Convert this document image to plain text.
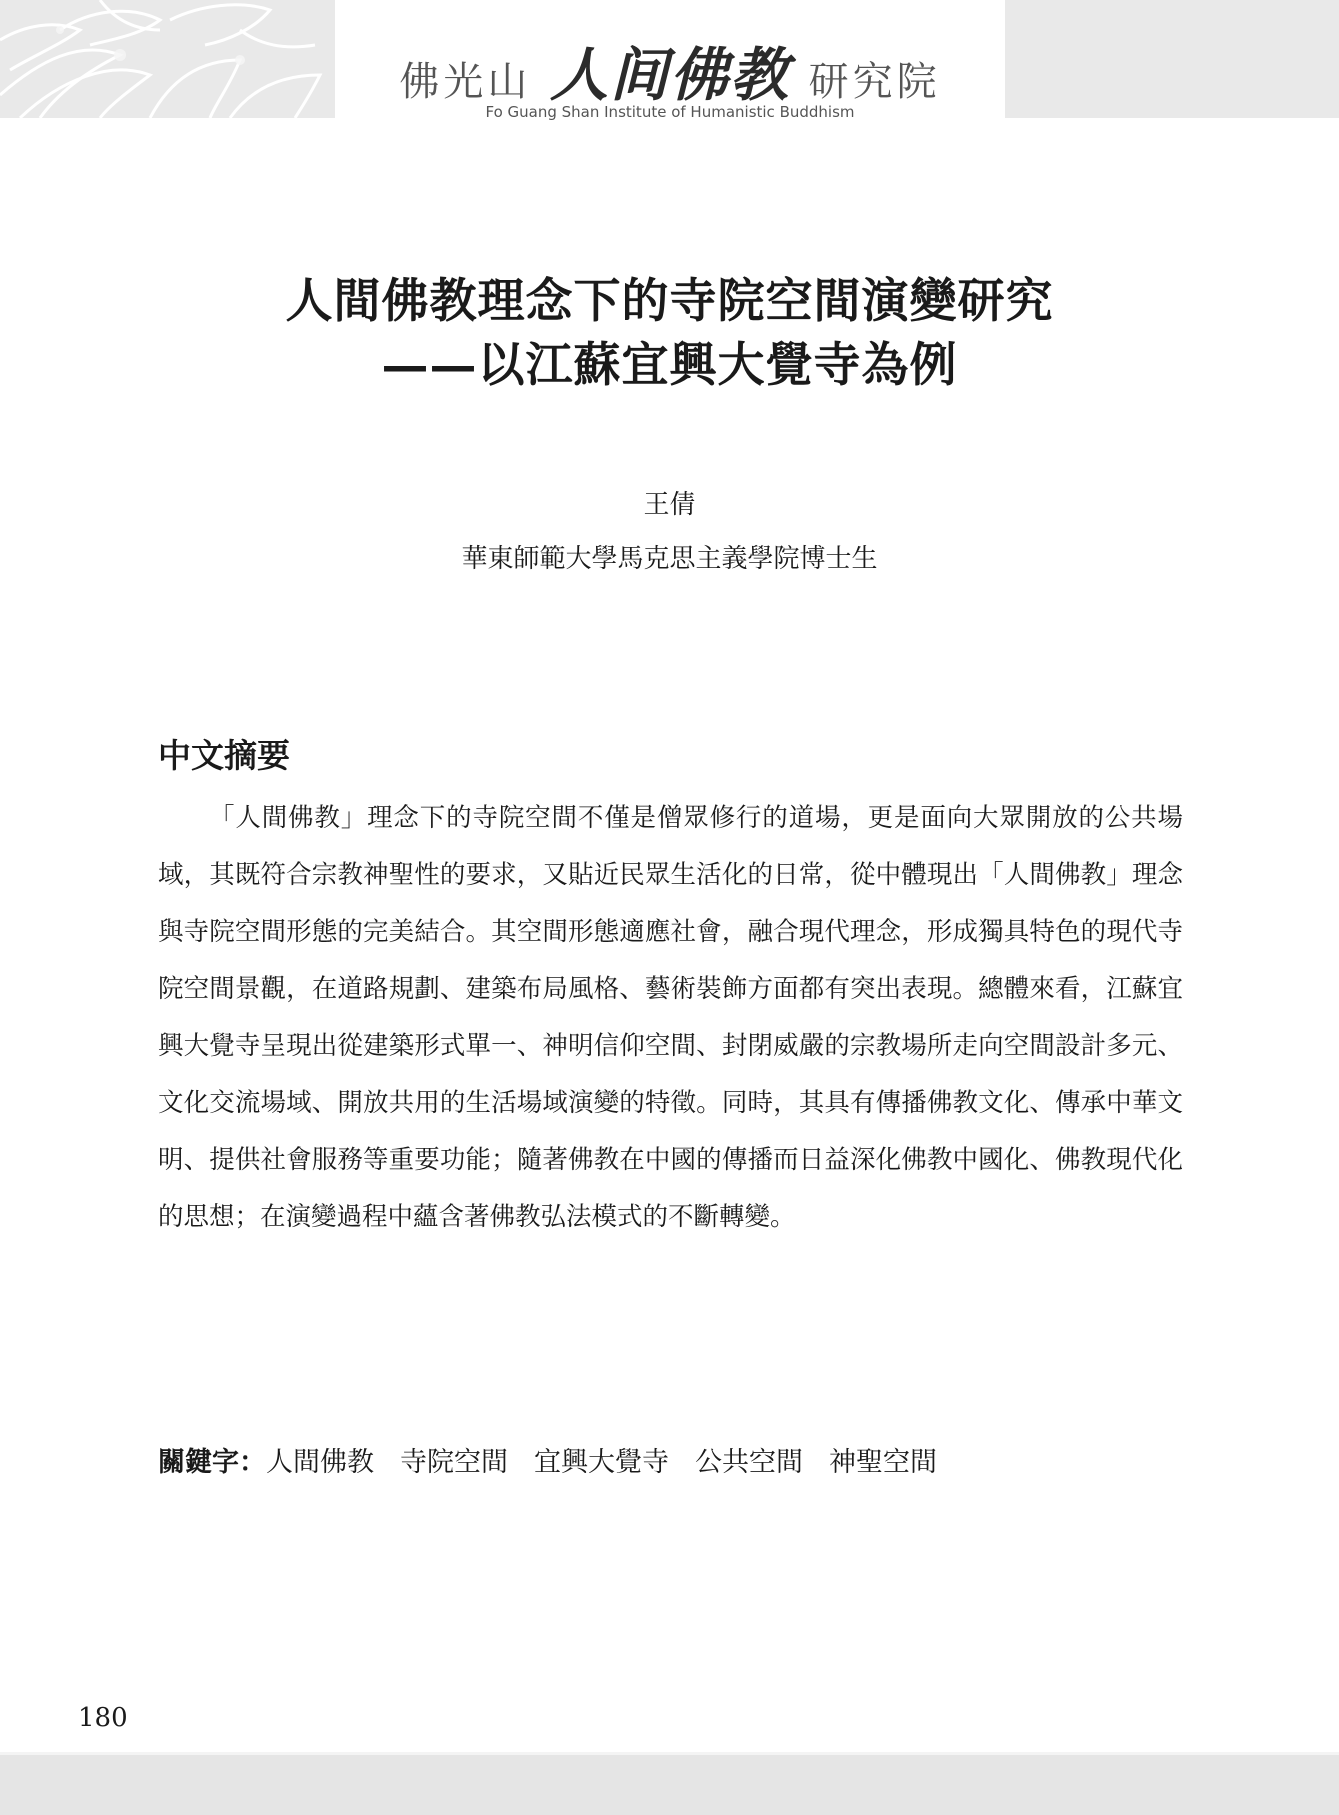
佛光山 人间佛教 研究院
Fo Guang Shan Institute of Humanistic Buddhism
人間佛教理念下的寺院空間演變研究
——以江蘇宜興大覺寺為例
王倩
華東師範大學馬克思主義學院博士生
中文摘要

「人間佛教」理念下的寺院空間不僅是僧眾修行的道場，更是面向大眾開放的公共場域，其既符合宗教神聖性的要求，又貼近民眾生活化的日常，從中體現出「人間佛教」理念與寺院空間形態的完美結合。其空間形態適應社會，融合現代理念，形成獨具特色的現代寺院空間景觀，在道路規劃、建築布局風格、藝術裝飾方面都有突出表現。總體來看，江蘇宜興大覺寺呈現出從建築形式單一、神明信仰空間、封閉威嚴的宗教場所走向空間設計多元、文化交流場域、開放共用的生活場域演變的特徵。同時，其具有傳播佛教文化、傳承中華文明、提供社會服務等重要功能；隨著佛教在中國的傳播而日益深化佛教中國化、佛教現代化的思想；在演變過程中蘊含著佛教弘法模式的不斷轉變。

關鍵字：人間佛教 寺院空間 宜興大覺寺 公共空間 神聖空間
180
